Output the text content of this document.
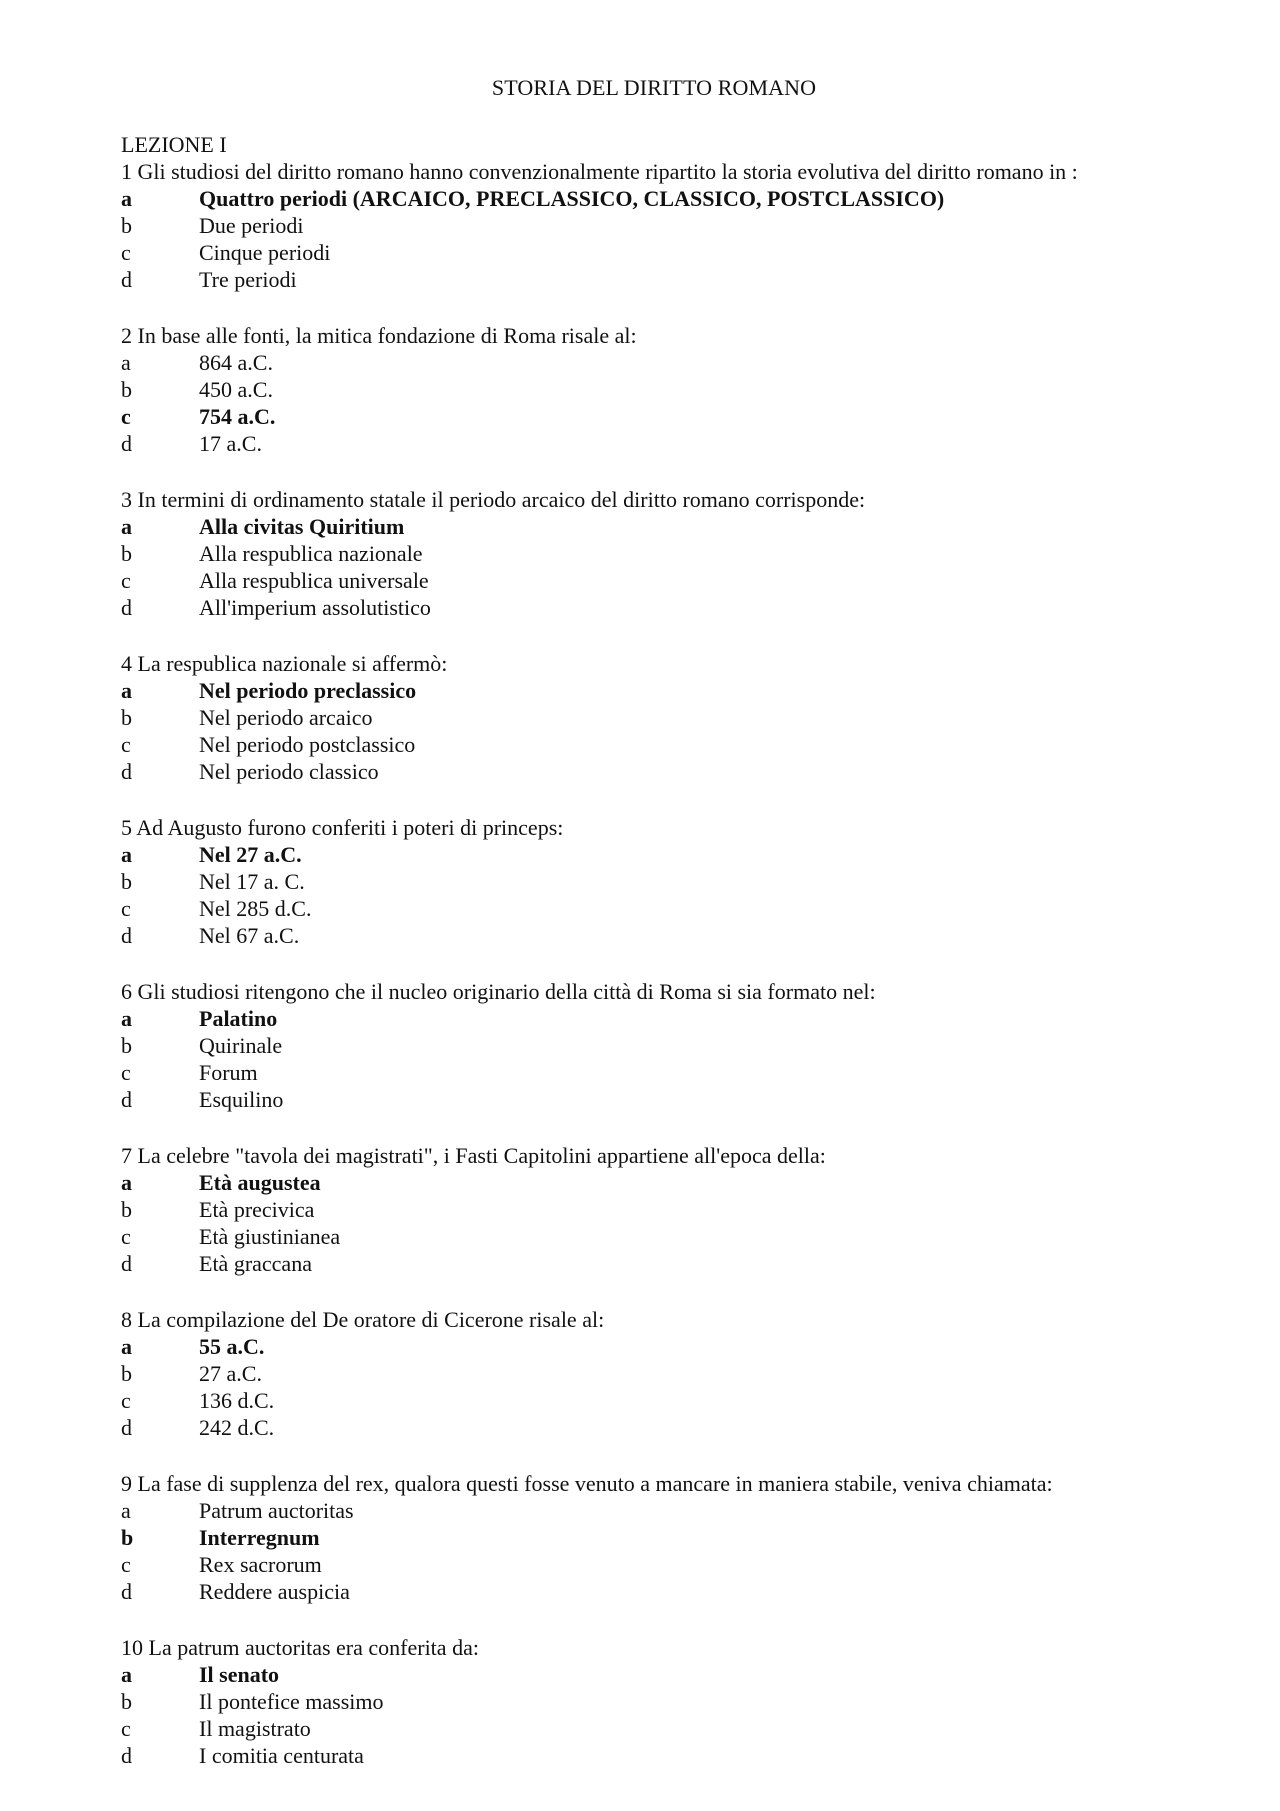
STORIA DEL DIRITTO ROMANO
LEZIONE I
1 Gli studiosi del diritto romano hanno convenzionalmente ripartito la storia evolutiva del diritto romano in :
a	Quattro periodi (ARCAICO, PRECLASSICO, CLASSICO, POSTCLASSICO)
b	Due periodi
c	Cinque periodi
d	Tre periodi
2 In base alle fonti, la mitica fondazione di Roma risale al:
a	864 a.C.
b	450 a.C.
c	754 a.C.
d	17 a.C.
3 In termini di ordinamento statale il periodo arcaico del diritto romano corrisponde:
a	Alla civitas Quiritium
b	Alla respublica nazionale
c	Alla respublica universale
d	All'imperium assolutistico
4 La respublica nazionale si affermò:
a	Nel periodo preclassico
b	Nel periodo arcaico
c	Nel periodo postclassico
d	Nel periodo classico
5 Ad Augusto furono conferiti i poteri di princeps:
a	Nel 27 a.C.
b	Nel 17 a. C.
c	Nel 285 d.C.
d	Nel 67 a.C.
6 Gli studiosi ritengono che il nucleo originario della città di Roma si sia formato nel:
a	Palatino
b	Quirinale
c	Forum
d	Esquilino
7 La celebre "tavola dei magistrati", i Fasti Capitolini appartiene all'epoca della:
a	Età augustea
b	Età precivica
c	Età giustinianea
d	Età graccana
8 La compilazione del De oratore di Cicerone risale al:
a	55 a.C.
b	27 a.C.
c	136 d.C.
d	242 d.C.
9 La fase di supplenza del rex, qualora questi fosse venuto a mancare in maniera stabile, veniva chiamata:
a	Patrum auctoritas
b	Interregnum
c	Rex sacrorum
d	Reddere auspicia
10 La patrum auctoritas era conferita da:
a	Il senato
b	Il pontefice massimo
c	Il magistrato
d	I comitia centurata
